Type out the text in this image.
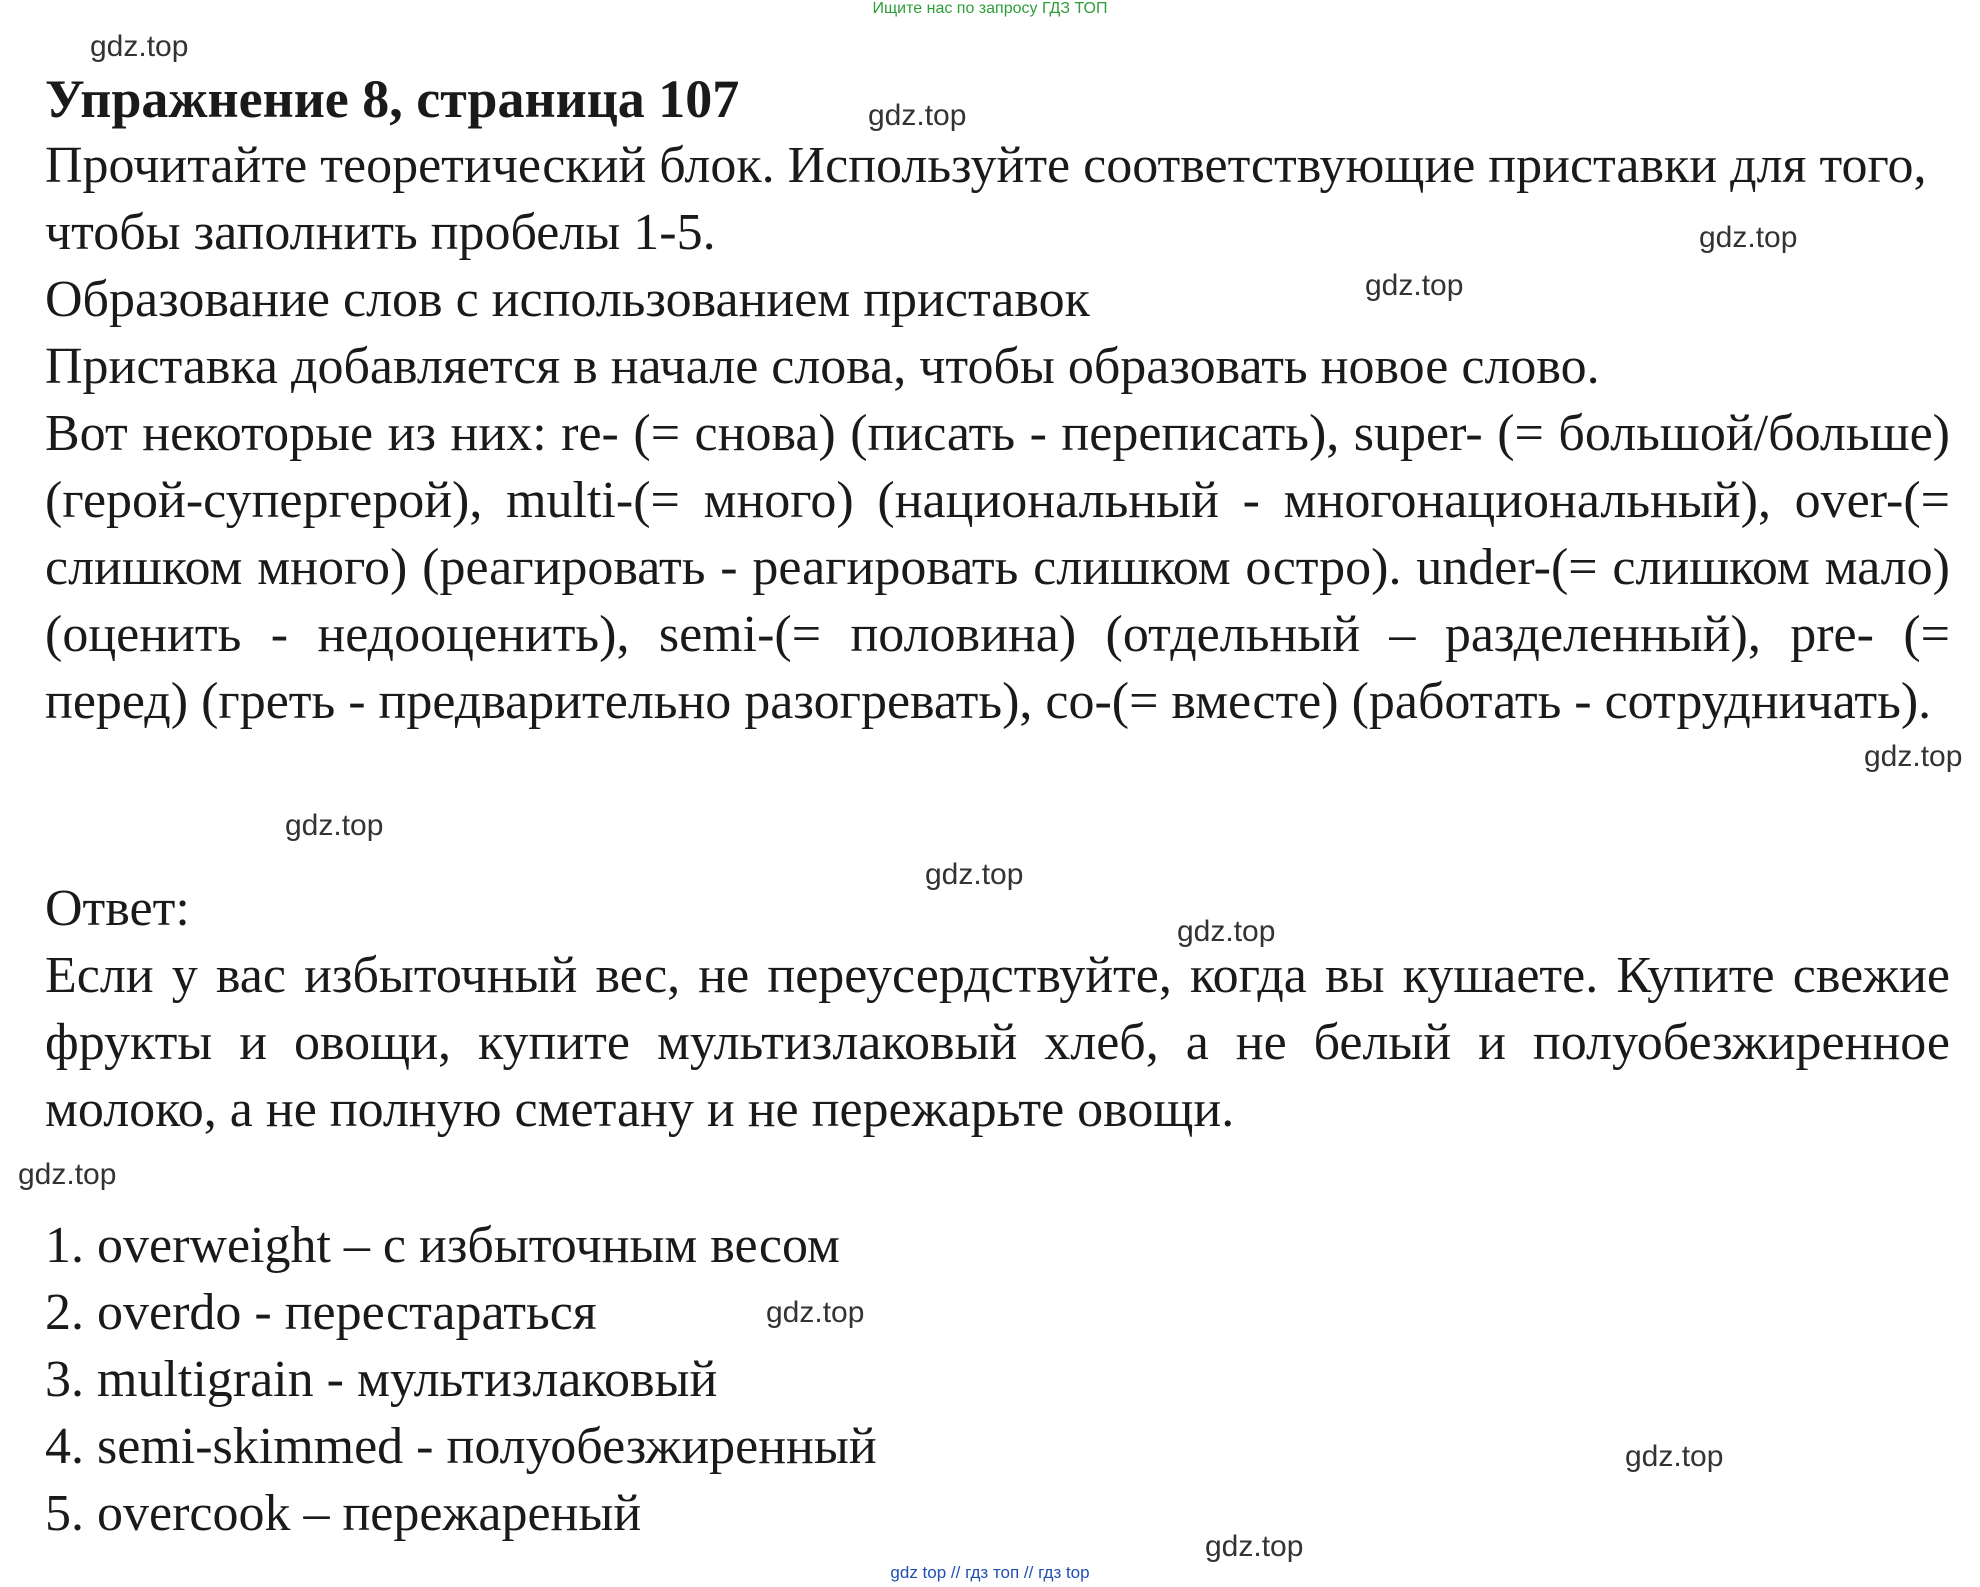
Ищите нас по запросу ГДЗ ТОП
Упражнение 8, страница 107

Прочитайте теоретический блок. Используйте соответствующие приставки для того, чтобы заполнить пробелы 1-5.

Образование слов с использованием приставок

Приставка добавляется в начале слова, чтобы образовать новое слово.

Вот некоторые из них: re- (= снова) (писать - переписать), super- (= большой/больше) (герой-супергерой), multi-(= много) (национальный - многонациональный), over-(= слишком много) (реагировать - реагировать слишком остро). under-(= слишком мало) (оценить - недооценить), semi-(= половина) (отдельный – разделенный), pre- (= перед) (греть - предварительно разогревать), co-(= вместе) (работать - сотрудничать).

Ответ:

Если у вас избыточный вес, не переусердствуйте, когда вы кушаете. Купите свежие фрукты и овощи, купите мультизлаковый хлеб, а не белый и полуобезжиренное молоко, а не полную сметану и не пережарьте овощи.

1. overweight – с избыточным весом
2. overdo - перестараться
3. multigrain - мультизлаковый
4. semi-skimmed - полуобезжиренный
5. overcook – пережареный
gdz.top
gdz.top
gdz.top
gdz.top
gdz.top
gdz.top
gdz.top
gdz.top
gdz.top
gdz.top
gdz.top
gdz.top
gdz top // гдз топ // гдз top
